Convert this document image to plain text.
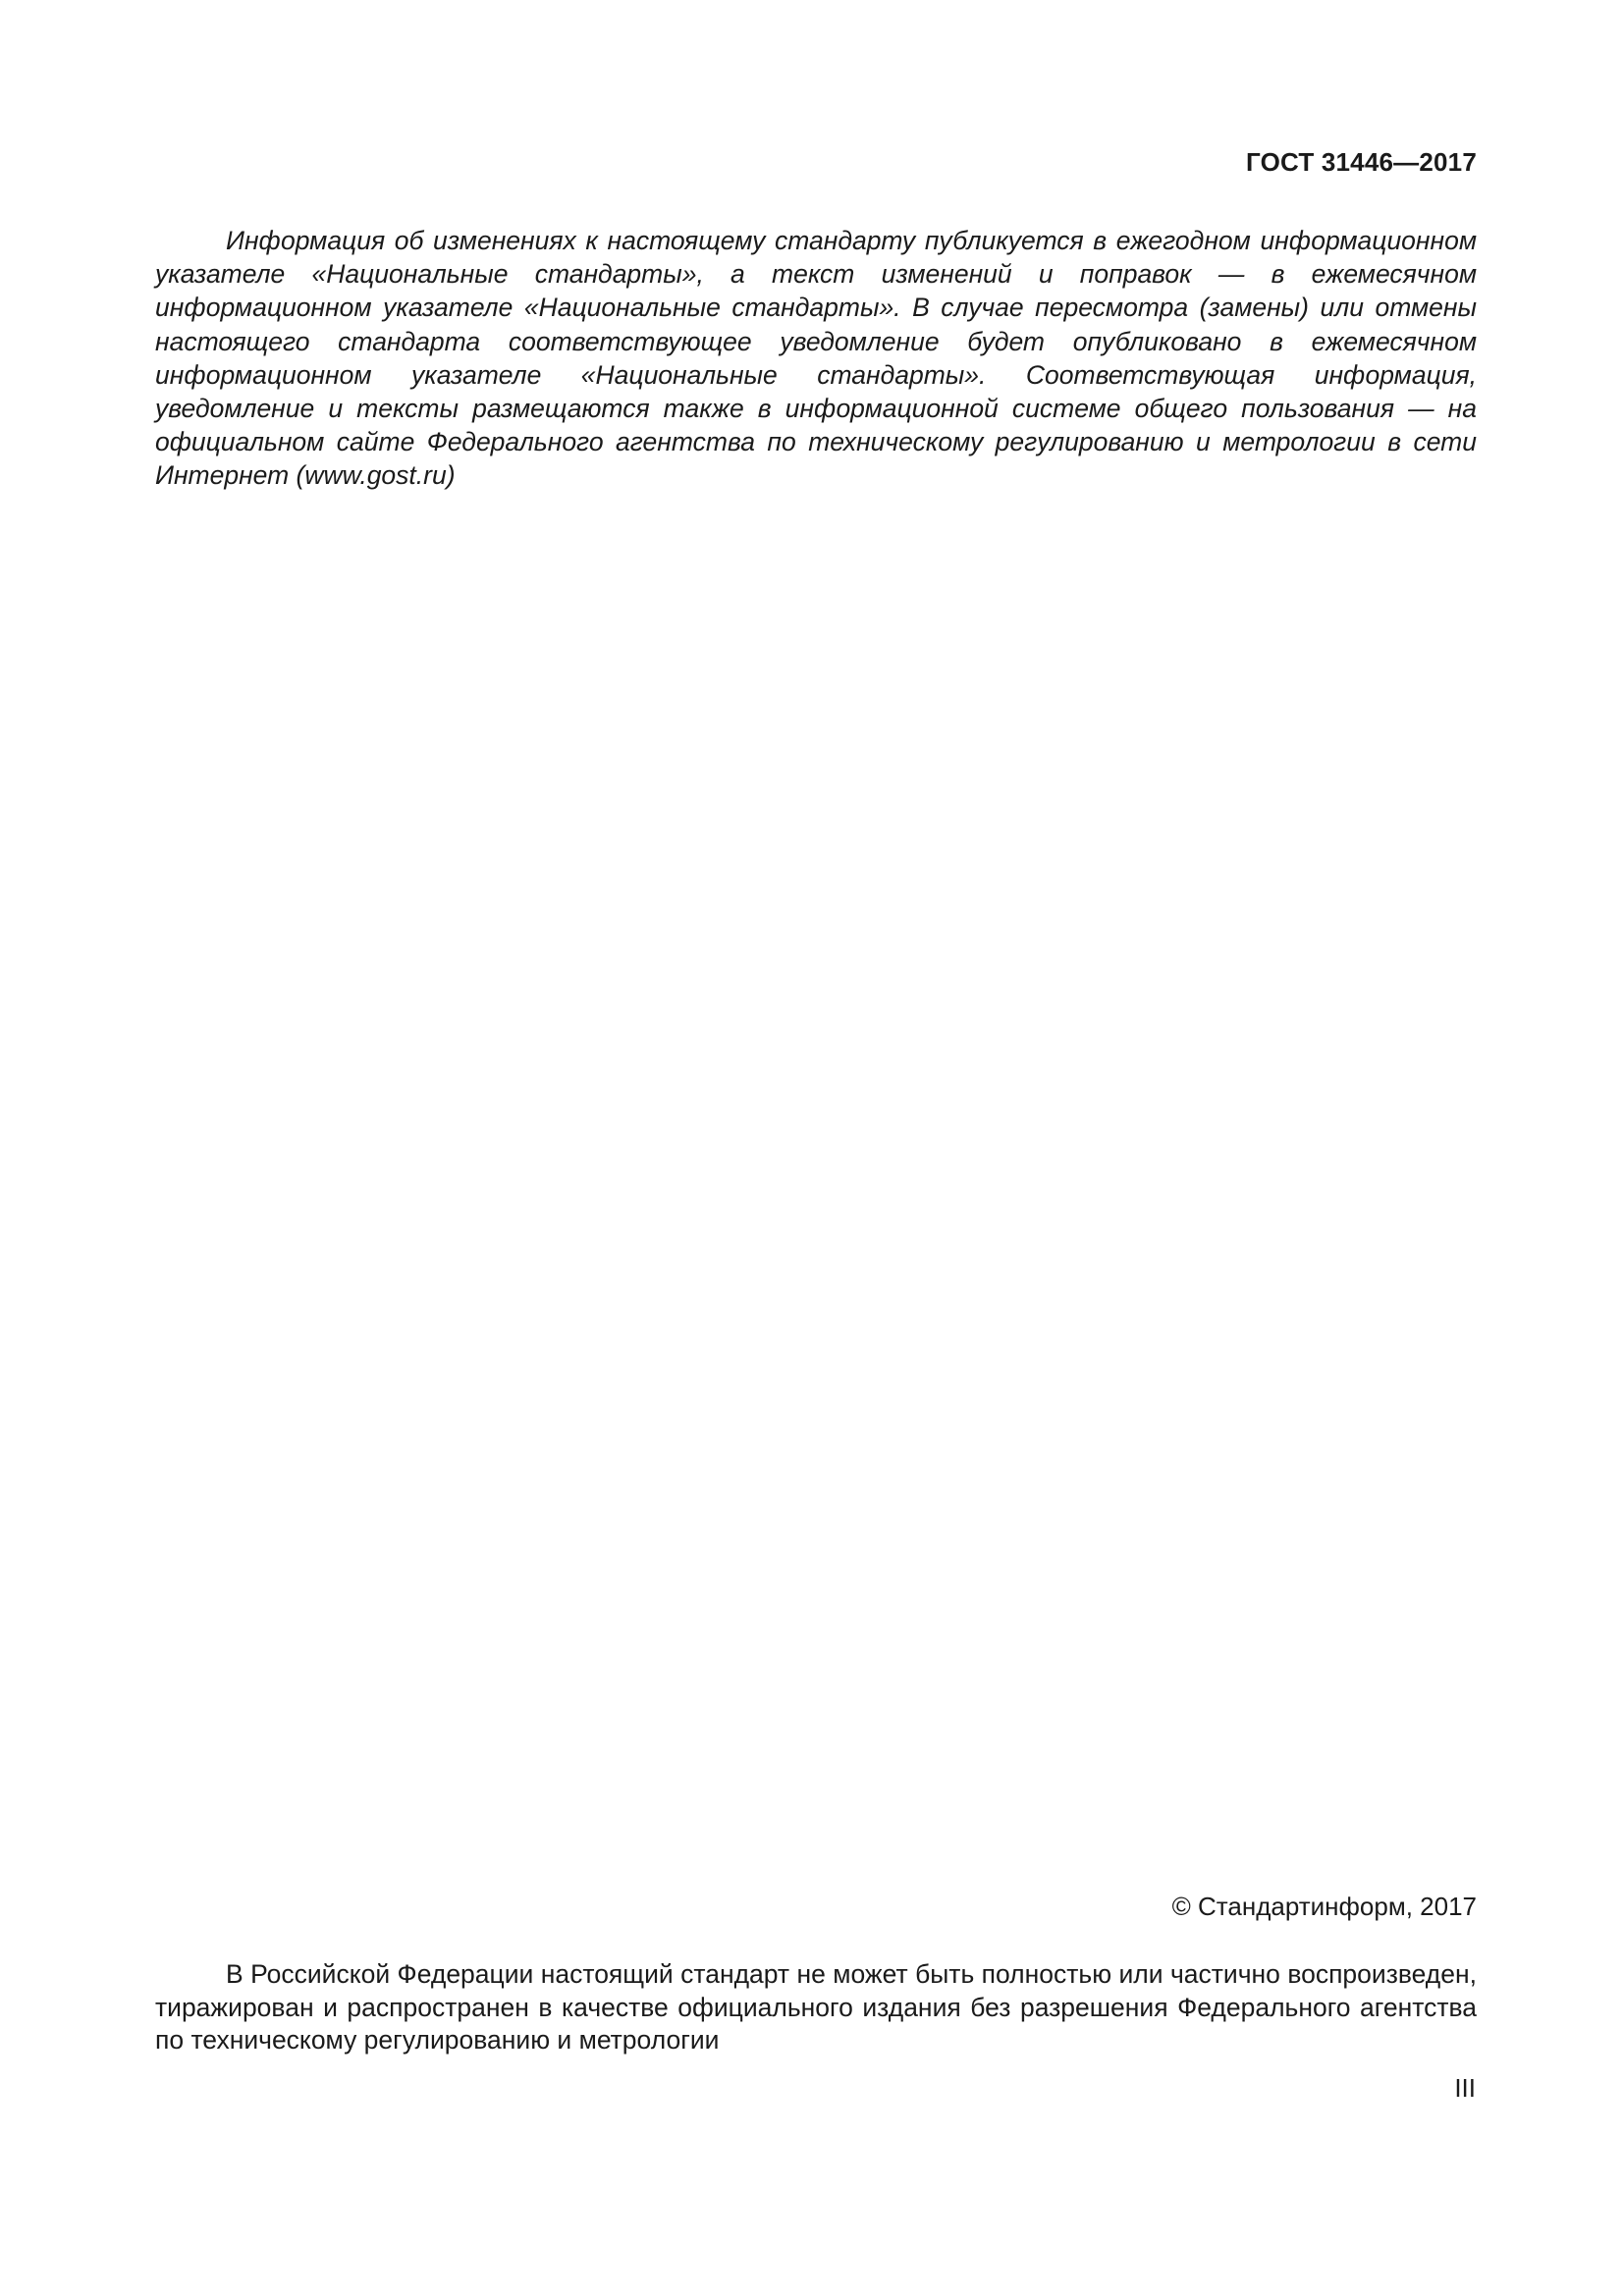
ГОСТ 31446—2017

Информация об изменениях к настоящему стандарту публикуется в ежегодном информационном указателе «Национальные стандарты», а текст изменений и поправок — в ежемесячном информационном указателе «Национальные стандарты». В случае пересмотра (замены) или отмены настоящего стандарта соответствующее уведомление будет опубликовано в ежемесячном информационном указателе «Национальные стандарты». Соответствующая информация, уведомление и тексты размещаются также в информационной системе общего пользования — на официальном сайте Федерального агентства по техническому регулированию и метрологии в сети Интернет (www.gost.ru)

© Стандартинформ, 2017

В Российской Федерации настоящий стандарт не может быть полностью или частично воспроизведен, тиражирован и распространен в качестве официального издания без разрешения Федерального агентства по техническому регулированию и метрологии

III
